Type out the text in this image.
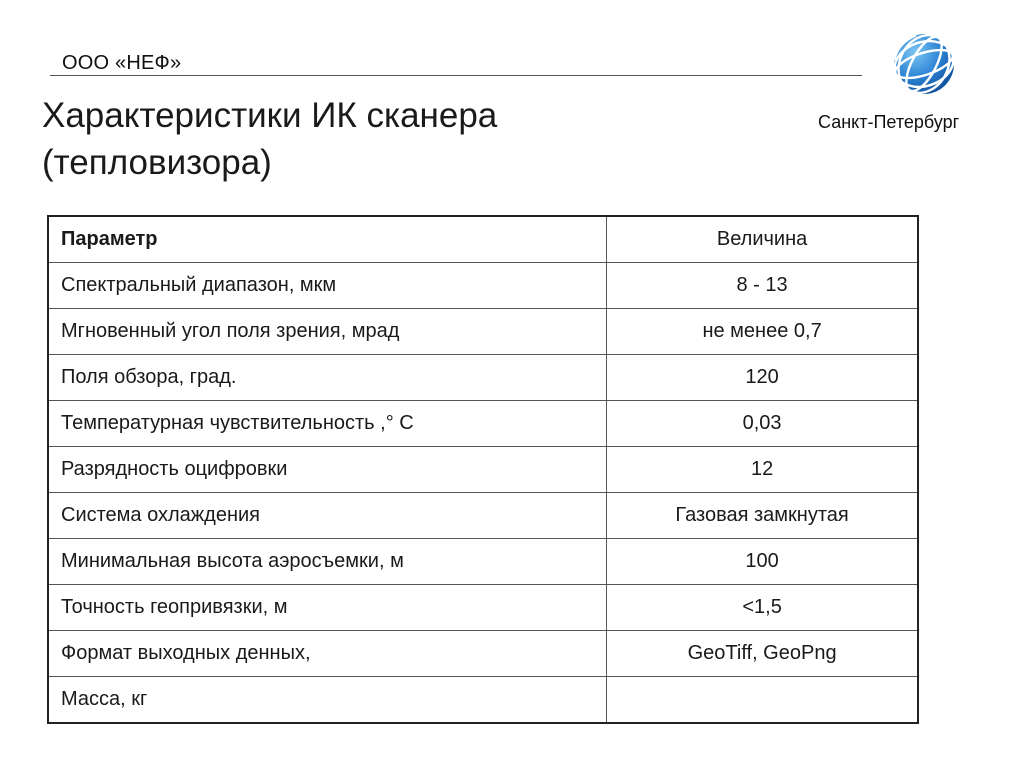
ООО «НЕФ»
Санкт-Петербург
Характеристики ИК сканера
(тепловизора)
Параметр	Величина
Спектральный диапазон, мкм	8 - 13
Мгновенный угол поля зрения, мрад	не менее 0,7
Поля обзора, град.	120
Температурная чувствительность ,° С	0,03
Разрядность оцифровки	12
Система охлаждения	Газовая замкнутая
Минимальная высота аэросъемки, м	100
Точность геопривязки, м	<1,5
Формат выходных денных,	GeoTiff, GeoPng
Масса, кг	
